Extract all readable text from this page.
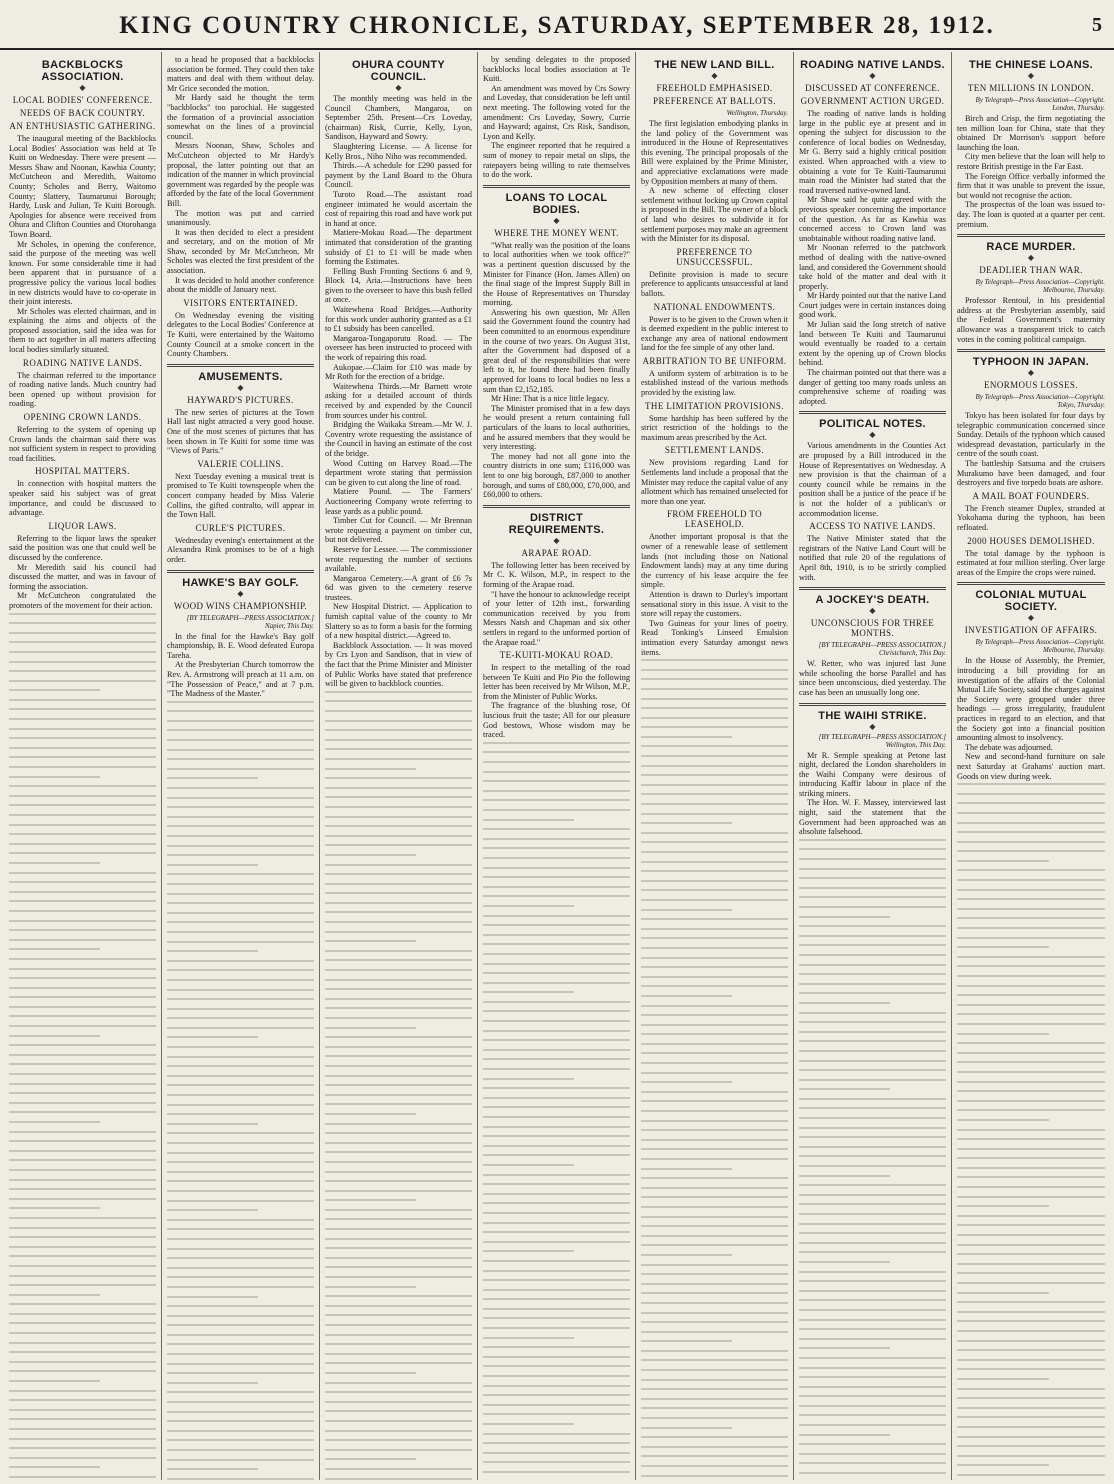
KING COUNTRY CHRONICLE, SATURDAY, SEPTEMBER 28, 1912.	5

BACKBLOCKS ASSOCIATION.

◆

LOCAL BODIES' CONFERENCE.

NEEDS OF BACK COUNTRY.

AN ENTHUSIASTIC GATHERING.

The inaugural meeting of the Backblocks Local Bodies' Association was held at Te Kuiti on Wednesday. There were present — Messrs Shaw and Noonan, Kawhia County; McCutcheon and Meredith, Waitomo County; Scholes and Berry, Waitomo County; Slattery, Taumarunui Borough; Hardy, Lusk and Julian, Te Kuiti Borough. Apologies for absence were received from Ohura and Clifton Counties and Otorohanga Town Board.

Mr Scholes, in opening the conference, said the purpose of the meeting was well known. For some considerable time it had been apparent that in pursuance of a progressive policy the various local bodies in new districts would have to co-operate in their joint interests.

Mr Scholes was elected chairman, and in explaining the aims and objects of the proposed association, said the idea was for them to act together in all matters affecting local bodies similarly situated.

ROADING NATIVE LANDS.

The chairman referred to the importance of roading native lands. Much country had been opened up without provision for roading.

OPENING CROWN LANDS.

Referring to the system of opening up Crown lands the chairman said there was not sufficient system in respect to providing road facilities.

HOSPITAL MATTERS.

In connection with hospital matters the speaker said his subject was of great importance, and could be discussed to advantage.

LIQUOR LAWS.

Referring to the liquor laws the speaker said the position was one that could well be discussed by the conference.

Mr Meredith said his council had discussed the matter, and was in favour of forming the association.

Mr McCutcheon congratulated the promoters of the movement for their action.

to a head he proposed that a backblocks association be formed. They could then take matters and deal with them without delay. Mr Grice seconded the motion.

Mr Hardy said he thought the term "backblocks" too parochial. He suggested the formation of a provincial association somewhat on the lines of a provincial council.

Messrs Noonan, Shaw, Scholes and McCutcheon objected to Mr Hardy's proposal, the latter pointing out that an indication of the manner in which provincial government was regarded by the people was afforded by the fate of the local Government Bill.

The motion was put and carried unanimously.

It was then decided to elect a president and secretary, and on the motion of Mr Shaw, seconded by Mr McCutcheon, Mr Scholes was elected the first president of the association.

It was decided to hold another conference about the middle of January next.

VISITORS ENTERTAINED.

On Wednesday evening the visiting delegates to the Local Bodies' Conference at Te Kuiti, were entertained by the Waitomo County Council at a smoke concert in the County Chambers.

AMUSEMENTS.

◆

HAYWARD'S PICTURES.

The new series of pictures at the Town Hall last night attracted a very good house. One of the most scenes of pictures that has been shown in Te Kuiti for some time was "Views of Paris."

VALERIE COLLINS.

Next Tuesday evening a musical treat is promised to Te Kuiti townspeople when the concert company headed by Miss Valerie Collins, the gifted contralto, will appear in the Town Hall.

CURLE'S PICTURES.

Wednesday evening's entertainment at the Alexandra Rink promises to be of a high order.

HAWKE'S BAY GOLF.

◆

WOOD WINS CHAMPIONSHIP.

[BY TELEGRAPH—PRESS ASSOCIATION.] Napier, This Day.

In the final for the Hawke's Bay golf championship, B. E. Wood defeated Europa Tareha.

At the Presbyterian Church tomorrow the Rev. A. Armstrong will preach at 11 a.m. on "The Possession of Peace," and at 7 p.m. "The Madness of the Master."

OHURA COUNTY COUNCIL.

◆

The monthly meeting was held in the Council Chambers, Mangaroa, on September 25th. Present—Crs Loveday, (chairman) Risk, Currie, Kelly, Lyon, Sandison, Hayward and Sowry.

Slaughtering License. — A license for Kelly Bros., Niho Niho was recommended.

Thirds.—A schedule for £290 passed for payment by the Land Board to the Ohura Council.

Turoto Road.—The assistant road engineer intimated he would ascertain the cost of repairing this road and have work put in hand at once.

Matiere-Mokau Road.—The department intimated that consideration of the granting subsidy of £1 to £1 will be made when forming the Estimates.

Felling Bush Fronting Sections 6 and 9, Block 14, Aria.—Instructions have been given to the overseer to have this bush felled at once.

Waitewhena Road Bridges.—Authority for this work under authority granted as a £1 to £1 subsidy has been cancelled.

Mangaroa-Tongaporutu Road. — The overseer has been instructed to proceed with the work of repairing this road.

Aukopae.—Claim for £10 was made by Mr Roth for the erection of a bridge.

Waitewhena Thirds.—Mr Barnett wrote asking for a detailed account of thirds received by and expended by the Council from sources under his control.

Bridging the Waikaka Stream.—Mr W. J. Coventry wrote requesting the assistance of the Council in having an estimate of the cost of the bridge.

Wood Cutting on Harvey Road.—The department wrote stating that permission can be given to cut along the line of road.

Matiere Pound. — The Farmers' Auctioneering Company wrote referring to lease yards as a public pound.

Timber Cut for Council. — Mr Brennan wrote requesting a payment on timber cut, but not delivered.

Reserve for Lessee. — The commissioner wrote requesting the number of sections available.

Mangaroa Cemetery.—A grant of £6 7s 6d was given to the cemetery reserve trustees.

New Hospital District. — Application to furnish capital value of the county to Mr Slattery so as to form a basis for the forming of a new hospital district.—Agreed to.

Backblock Association. — It was moved by Crs Lyon and Sandison, that in view of the fact that the Prime Minister and Minister of Public Works have stated that preference will be given to backblock counties.

by sending delegates to the proposed backblocks local bodies association at Te Kuiti.

An amendment was moved by Crs Sowry and Loveday, that consideration be left until next meeting. The following voted for the amendment: Crs Loveday, Sowry, Currie and Hayward; against, Crs Risk, Sandison, Lyon and Kelly.

The engineer reported that he required a sum of money to repair metal on slips, the ratepayers being willing to rate themselves to do the work.

LOANS TO LOCAL BODIES.

◆

WHERE THE MONEY WENT.

"What really was the position of the loans to local authorities when we took office?" was a pertinent question discussed by the Minister for Finance (Hon. James Allen) on the final stage of the Imprest Supply Bill in the House of Representatives on Thursday morning.

Answering his own question, Mr Allen said the Government found the country had been committed to an enormous expenditure in the course of two years. On August 31st, after the Government had disposed of a great deal of the responsibilities that were left to it, he found there had been finally approved for loans to local bodies no less a sum than £2,152,185.

Mr Hine: That is a nice little legacy.

The Minister promised that in a few days he would present a return containing full particulars of the loans to local authorities, and he assured members that they would be very interesting.

The money had not all gone into the country districts in one sum; £116,000 was lent to one big borough, £87,000 to another borough, and sums of £80,000, £70,000, and £60,000 to others.

DISTRICT REQUIREMENTS.

◆

ARAPAE ROAD.

The following letter has been received by Mr C. K. Wilson, M.P., in respect to the forming of the Arapae road.

"I have the honour to acknowledge receipt of your letter of 12th inst., forwarding communication received by you from Messrs Natsh and Chapman and six other settlers in regard to the unformed portion of the Arapae road."

TE-KUITI-MOKAU ROAD.

In respect to the metalling of the road between Te Kuiti and Pio Pio the following letter has been received by Mr Wilson, M.P., from the Minister of Public Works.

The fragrance of the blushing rose, Of luscious fruit the taste; All for our pleasure God bestows, Whose wisdom may be traced.

THE NEW LAND BILL.

◆

FREEHOLD EMPHASISED.

PREFERENCE AT BALLOTS.

Wellington, Thursday.

The first legislation embodying planks in the land policy of the Government was introduced in the House of Representatives this evening. The principal proposals of the Bill were explained by the Prime Minister, and appreciative exclamations were made by Opposition members at many of them.

A new scheme of effecting closer settlement without locking up Crown capital is proposed in the Bill. The owner of a block of land who desires to subdivide it for settlement purposes may make an agreement with the Minister for its disposal.

PREFERENCE TO UNSUCCESSFUL.

Definite provision is made to secure preference to applicants unsuccessful at land ballots.

NATIONAL ENDOWMENTS.

Power is to be given to the Crown when it is deemed expedient in the public interest to exchange any area of national endowment land for the fee simple of any other land.

ARBITRATION TO BE UNIFORM.

A uniform system of arbitration is to be established instead of the various methods provided by the existing law.

THE LIMITATION PROVISIONS.

Some hardship has been suffered by the strict restriction of the holdings to the maximum areas prescribed by the Act.

SETTLEMENT LANDS.

New provisions regarding Land for Settlements land include a proposal that the Minister may reduce the capital value of any allotment which has remained unselected for more than one year.

FROM FREEHOLD TO LEASEHOLD.

Another important proposal is that the owner of a renewable lease of settlement lands (not including those on National Endowment lands) may at any time during the currency of his lease acquire the fee simple.

Attention is drawn to Durley's important sensational story in this issue. A visit to the store will repay the customers.

Two Guineas for your lines of poetry. Read Tonking's Linseed Emulsion intimation every Saturday amongst news items.

ROADING NATIVE LANDS.

◆

DISCUSSED AT CONFERENCE.

GOVERNMENT ACTION URGED.

The roading of native lands is holding large in the public eye at present and in opening the subject for discussion to the conference of local bodies on Wednesday, Mr G. Berry said a highly critical position existed. When approached with a view to obtaining a vote for Te Kuiti-Taumarunui main road the Minister had stated that the road traversed native-owned land.

Mr Shaw said he quite agreed with the previous speaker concerning the importance of the question. As far as Kawhia was concerned access to Crown land was unobtainable without roading native land.

Mr Noonan referred to the patchwork method of dealing with the native-owned land, and considered the Government should take hold of the matter and deal with it properly.

Mr Hardy pointed out that the native Land Court judges were in certain instances doing good work.

Mr Julian said the long stretch of native land between Te Kuiti and Taumarunui would eventually be roaded to a certain extent by the opening up of Crown blocks behind.

The chairman pointed out that there was a danger of getting too many roads unless an comprehensive scheme of roading was adopted.

POLITICAL NOTES.

◆

Various amendments in the Counties Act are proposed by a Bill introduced in the House of Representatives on Wednesday. A new provision is that the chairman of a county council while he remains in the position shall be a justice of the peace if he is not the holder of a publican's or accommodation license.

ACCESS TO NATIVE LANDS.

The Native Minister stated that the registrars of the Native Land Court will be notified that rule 20 of the regulations of April 8th, 1910, is to be strictly complied with.

A JOCKEY'S DEATH.

◆

UNCONSCIOUS FOR THREE MONTHS.

[BY TELEGRAPH—PRESS ASSOCIATION.] Christchurch, This Day.

W. Retter, who was injured last June while schooling the horse Parallel and has since been unconscious, died yesterday. The case has been an unusually long one.

THE WAIHI STRIKE.

◆

[BY TELEGRAPH—PRESS ASSOCIATION.] Wellington, This Day.

Mr R. Semple speaking at Petone last night, declared the London shareholders in the Waihi Company were desirous of introducing Kaffir labour in place of the striking miners.

The Hon. W. F. Massey, interviewed last night, said the statement that the Government had been approached was an absolute falsehood.

THE CHINESE LOANS.

◆

TEN MILLIONS IN LONDON.

By Telegraph—Press Association—Copyright. London, Thursday.

Birch and Crisp, the firm negotiating the ten million loan for China, state that they obtained Dr Morrison's support before launching the loan.

City men believe that the loan will help to restore British prestige in the Far East.

The Foreign Office verbally informed the firm that it was unable to prevent the issue, but would not recognise the action.

The prospectus of the loan was issued to-day. The loan is quoted at a quarter per cent. premium.

RACE MURDER.

◆

DEADLIER THAN WAR.

By Telegraph—Press Association—Copyright. Melbourne, Thursday.

Professor Rentoul, in his presidential address at the Presbyterian assembly, said the Federal Government's maternity allowance was a transparent trick to catch votes in the coming political campaign.

TYPHOON IN JAPAN.

◆

ENORMOUS LOSSES.

By Telegraph—Press Association—Copyright. Tokyo, Thursday.

Tokyo has been isolated for four days by telegraphic communication concerned since Sunday. Details of the typhoon which caused widespread devastation, particularly in the centre of the south coast.

The battleship Satsuma and the cruisers Murakumo have been damaged, and four destroyers and five torpedo boats are ashore.

A MAIL BOAT FOUNDERS.

The French steamer Duplex, stranded at Yokohama during the typhoon, has been refloated.

2000 HOUSES DEMOLISHED.

The total damage by the typhoon is estimated at four million sterling. Over large areas of the Empire the crops were ruined.

COLONIAL MUTUAL SOCIETY.

◆

INVESTIGATION OF AFFAIRS.

By Telegraph—Press Association—Copyright. Melbourne, Thursday.

In the House of Assembly, the Premier, introducing a bill providing for an investigation of the affairs of the Colonial Mutual Life Society, said the charges against the Society were grouped under three headings — gross irregularity, fraudulent practices in regard to an election, and that the Society got into a financial position amounting almost to insolvency.

The debate was adjourned.

New and second-hand furniture on sale next Saturday at Grahams' auction mart. Goods on view during week.
